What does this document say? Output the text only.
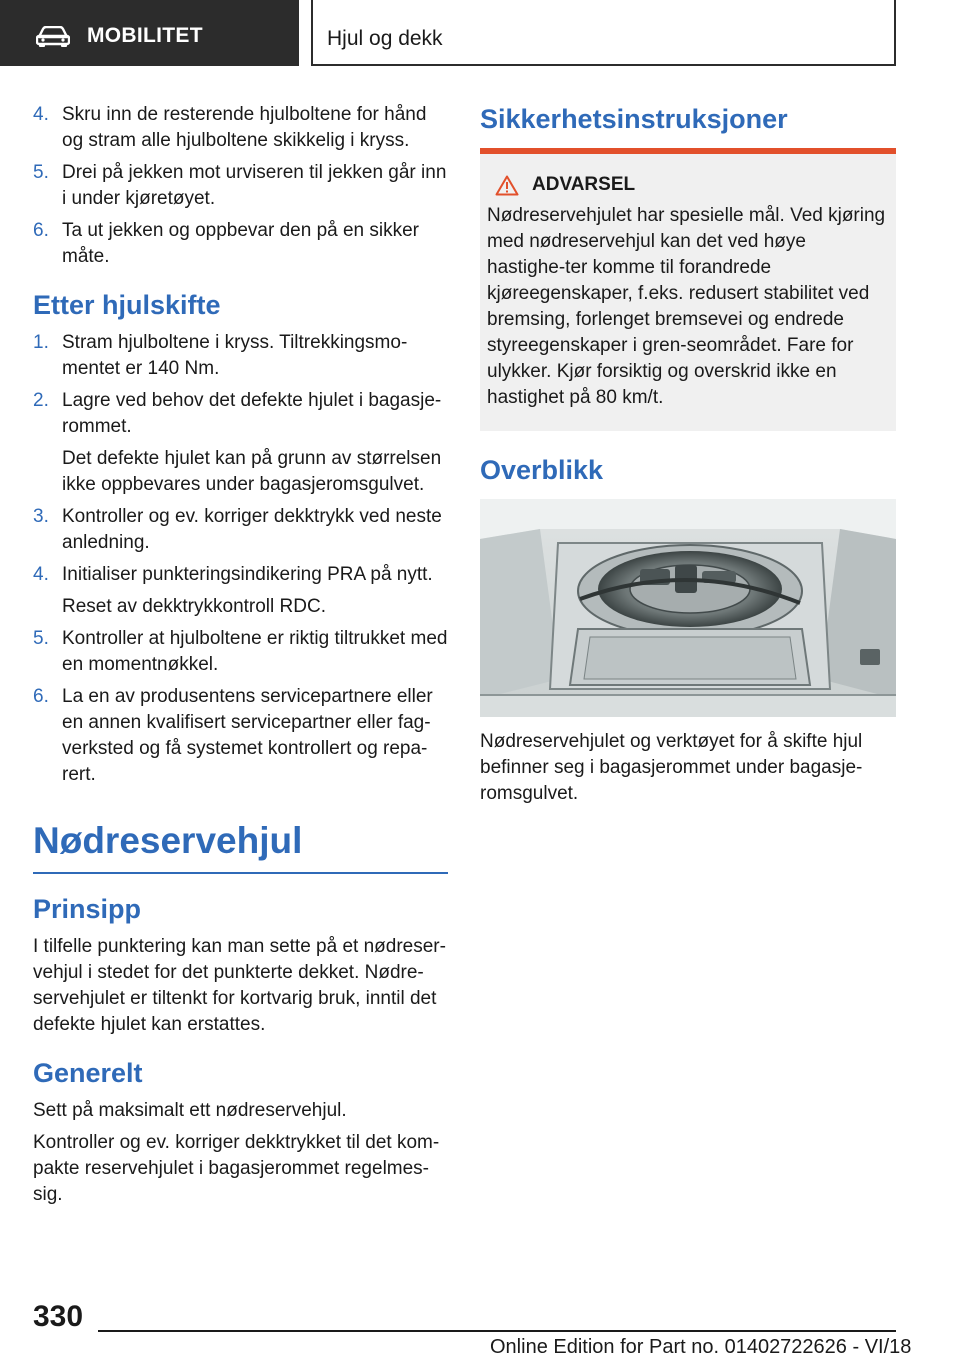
MOBILITET	Hjul og dekk
4. Skru inn de resterende hjulboltene for hånd og stram alle hjulboltene skikkelig i kryss.
5. Drei på jekken mot urviseren til jekken går inn i under kjøretøyet.
6. Ta ut jekken og oppbevar den på en sikker måte.
Etter hjulskifte
1. Stram hjulboltene i kryss. Tiltrekkingsmo‐mentet er 140 Nm.
2. Lagre ved behov det defekte hjulet i bagasje‐rommet.
Det defekte hjulet kan på grunn av størrelsen ikke oppbevares under bagasjeromsgulvet.
3. Kontroller og ev. korriger dekktrykk ved neste anledning.
4. Initialiser punkteringsindikering PRA på nytt.
Reset av dekktrykkontroll RDC.
5. Kontroller at hjulboltene er riktig tiltrukket med en momentnøkkel.
6. La en av produsentens servicepartnere eller en annen kvalifisert servicepartner eller fag‐verksted og få systemet kontrollert og repa‐rert.
Nødreservehjul
Prinsipp

I tilfelle punktering kan man sette på et nødreser‐vehjul i stedet for det punkterte dekket. Nødre‐servehjulet er tiltenkt for kortvarig bruk, inntil det defekte hjulet kan erstattes.

Generelt

Sett på maksimalt ett nødreservehjul.

Kontroller og ev. korriger dekktrykket til det kom‐pakte reservehjulet i bagasjerommet regelmes‐sig.

Sikkerhetsinstruksjoner
ADVARSEL

Nødreservehjulet har spesielle mål. Ved kjøring med nødreservehjul kan det ved høye hastighe‐ter komme til forandrede kjøreegenskaper, f.eks. redusert stabilitet ved bremsing, forlenget bremsevei og endrede styreegenskaper i gren‐seområdet. Fare for ulykker. Kjør forsiktig og overskrid ikke en hastighet på 80 km/t.

Overblikk

Nødreservehjulet og verktøyet for å skifte hjul befinner seg i bagasjerommet under bagasje‐romsgulvet.

330
Online Edition for Part no. 01402722626 - VI/18
